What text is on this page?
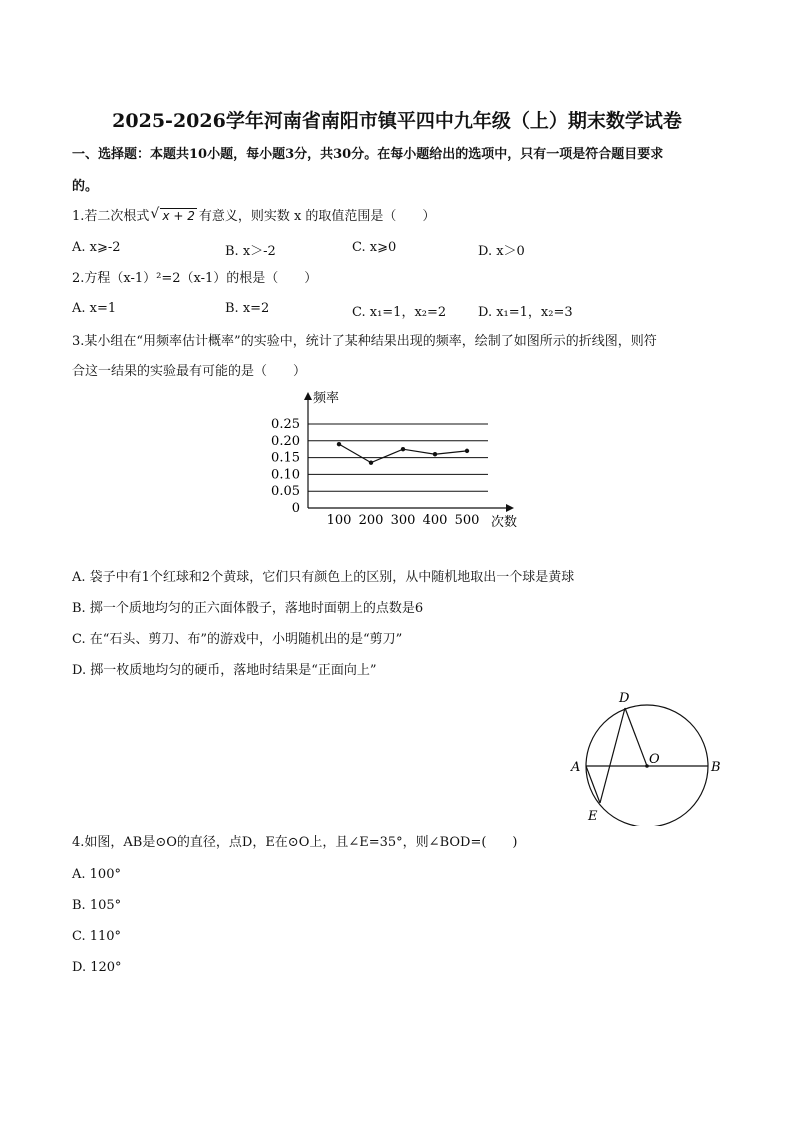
2025-2026学年河南省南阳市镇平四中九年级（上）期末数学试卷
一、选择题：本题共10小题，每小题3分，共30分。在每小题给出的选项中，只有一项是符合题目要求
的。
1.若二次根式√ x + 2 有意义，则实数 x 的取值范围是（　　）
A. x⩾-2	B. x＞-2	C. x⩾0	D. x＞0
2.方程（x-1）²=2（x-1）的根是（　　）
A. x=1	B. x=2	C. x₁=1，x₂=2 D. x₁=1，x₂=3
3.某小组在“用频率估计概率”的实验中，统计了某种结果出现的频率，绘制了如图所示的折线图，则符
合这一结果的实验最有可能的是（　　）
0.25
0.20
0.15
0.10
0.05
0
100 200 300 400 500
频率
次数
A. 袋子中有1个红球和2个黄球，它们只有颜色上的区别，从中随机地取出一个球是黄球
B. 掷一个质地均匀的正六面体骰子，落地时面朝上的点数是6
C. 在“石头、剪刀、布”的游戏中，小明随机出的是“剪刀”
D. 掷一枚质地均匀的硬币，落地时结果是“正面向上”
D
A	B
O
E
4.如图，AB是⊙O的直径，点D，E在⊙O上，且∠E=35°，则∠BOD=(　　)
A. 100°
B. 105°
C. 110°
D. 120°
